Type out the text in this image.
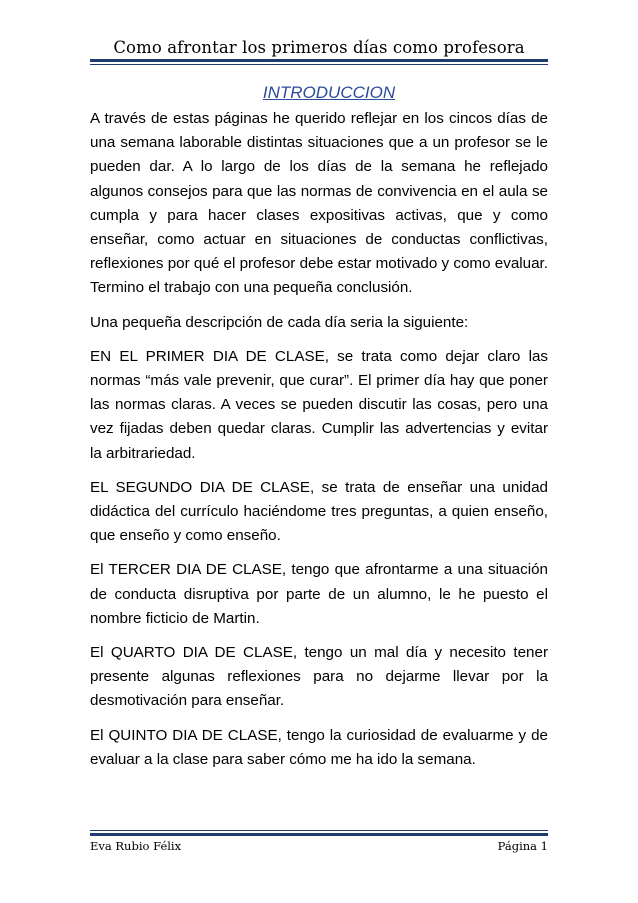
Como afrontar los primeros días como profesora
INTRODUCCION

A través de estas páginas he querido reflejar en los cincos días de una semana laborable distintas situaciones que a un profesor se le pueden dar. A lo largo de los días de la semana he reflejado algunos consejos para que las normas de convivencia en el aula se cumpla y para hacer clases expositivas activas, que y como enseñar, como actuar en situaciones de conductas conflictivas, reflexiones por qué el profesor debe estar motivado y como evaluar. Termino el trabajo con una pequeña conclusión.

Una pequeña descripción de cada día seria la siguiente:

EN EL PRIMER DIA DE CLASE, se trata como dejar claro las normas “más vale prevenir, que curar”. El primer día hay que poner las normas claras. A veces se pueden discutir las cosas, pero una vez fijadas deben quedar claras. Cumplir las advertencias y evitar la arbitrariedad.

EL SEGUNDO DIA DE CLASE, se trata de enseñar una unidad didáctica del currículo haciéndome tres preguntas, a quien enseño, que enseño y como enseño.

El TERCER DIA DE CLASE, tengo que afrontarme a una situación de conducta disruptiva por parte de un alumno, le he puesto el nombre ficticio de Martin.

El QUARTO DIA DE CLASE, tengo un mal día y necesito tener presente algunas reflexiones para no dejarme llevar por la desmotivación para enseñar.

El QUINTO DIA DE CLASE, tengo la curiosidad de evaluarme y de evaluar a la clase para saber cómo me ha ido la semana.

Eva Rubio Félix	Página 1
